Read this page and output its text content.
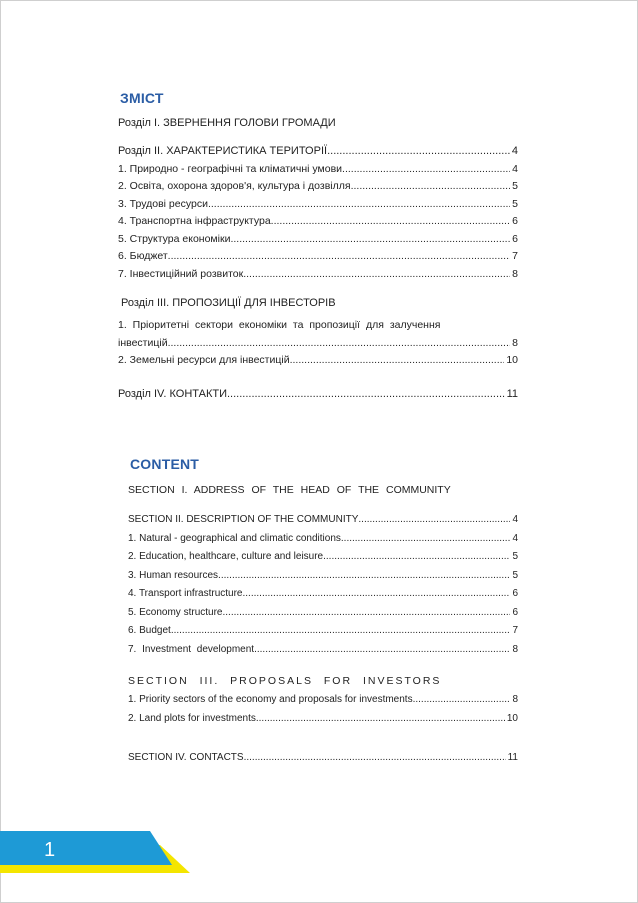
ЗМІСТ
Розділ І. ЗВЕРНЕННЯ ГОЛОВИ ГРОМАДИ
Розділ ІІ. ХАРАКТЕРИСТИКА ТЕРИТОРІЇ .....	4
1. Природно - географічні та кліматичні умови .....	4
2. Освіта, охорона здоров'я, культура і дозвілля .....	5
3. Трудові ресурси .....	5
4. Транспортна інфраструктура .....	6
5. Структура економіки .....	6
6. Бюджет .....	7
7. Інвестиційний розвиток .....	8
Розділ ІІІ. ПРОПОЗИЦІЇ ДЛЯ ІНВЕСТОРІВ
1. Пріоритетні сектори економіки та пропозиції для залучення
інвестицій .....	8
2. Земельні ресурси для інвестицій .....	10
Розділ IV. КОНТАКТИ .....	11
CONTENT
SECTION I. ADDRESS OF THE HEAD OF THE COMMUNITY
SECTION II. DESCRIPTION OF THE COMMUNITY .....	4
1. Natural - geographical and climatic conditions .....	4
2. Education, healthcare, culture and leisure .....	5
3. Human resources .....	5
4. Transport infrastructure .....	6
5. Economy structure .....	6
6. Budget .....	7
7. Investment development .....	8
SECTION III. PROPOSALS FOR INVESTORS
1. Priority sectors of the economy and proposals for investments .....	8
2. Land plots for investments .....	10
SECTION IV. CONTACTS .....	11
1
